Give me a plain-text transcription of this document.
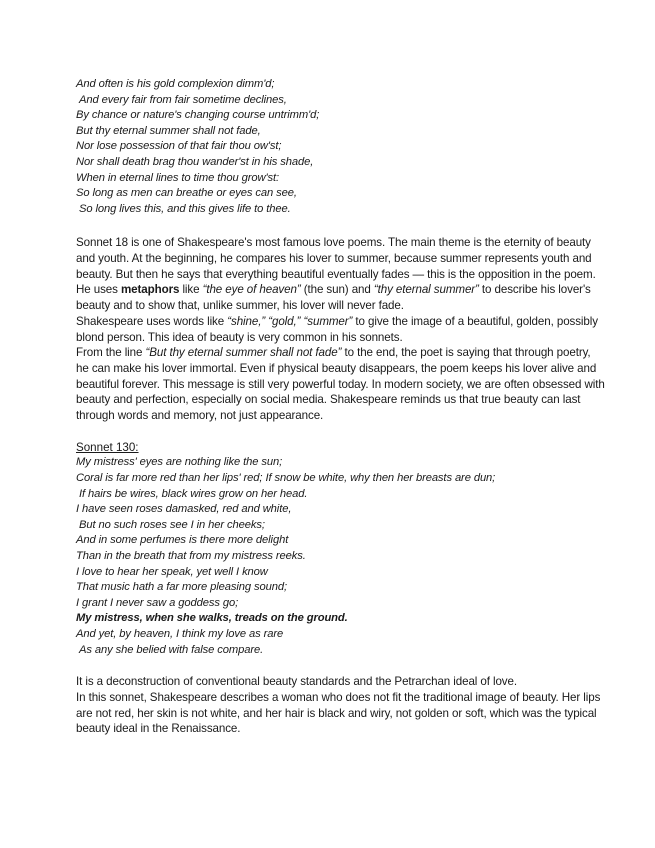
And often is his gold complexion dimm'd;
And every fair from fair sometime declines,
By chance or nature's changing course untrimm'd;
But thy eternal summer shall not fade,
Nor lose possession of that fair thou ow'st;
Nor shall death brag thou wander'st in his shade,
When in eternal lines to time thou grow'st:
So long as men can breathe or eyes can see,
So long lives this, and this gives life to thee.

Sonnet 18 is one of Shakespeare's most famous love poems. The main theme is the eternity of beauty and youth. At the beginning, he compares his lover to summer, because summer represents youth and beauty. But then he says that everything beautiful eventually fades — this is the opposition in the poem.

He uses metaphors like “the eye of heaven” (the sun) and “thy eternal summer” to describe his lover's beauty and to show that, unlike summer, his lover will never fade.

Shakespeare uses words like “shine,” “gold,” “summer” to give the image of a beautiful, golden, possibly blond person. This idea of beauty is very common in his sonnets.

From the line “But thy eternal summer shall not fade” to the end, the poet is saying that through poetry, he can make his lover immortal. Even if physical beauty disappears, the poem keeps his lover alive and beautiful forever. This message is still very powerful today. In modern society, we are often obsessed with beauty and perfection, especially on social media. Shakespeare reminds us that true beauty can last through words and memory, not just appearance.

Sonnet 130:
My mistress' eyes are nothing like the sun;
Coral is far more red than her lips' red; If snow be white, why then her breasts are dun;
If hairs be wires, black wires grow on her head.
I have seen roses damasked, red and white,
But no such roses see I in her cheeks;
And in some perfumes is there more delight
Than in the breath that from my mistress reeks.
I love to hear her speak, yet well I know
That music hath a far more pleasing sound;
I grant I never saw a goddess go;
My mistress, when she walks, treads on the ground.
And yet, by heaven, I think my love as rare
As any she belied with false compare.

It is a deconstruction of conventional beauty standards and the Petrarchan ideal of love.

In this sonnet, Shakespeare describes a woman who does not fit the traditional image of beauty. Her lips are not red, her skin is not white, and her hair is black and wiry, not golden or soft, which was the typical beauty ideal in the Renaissance.
